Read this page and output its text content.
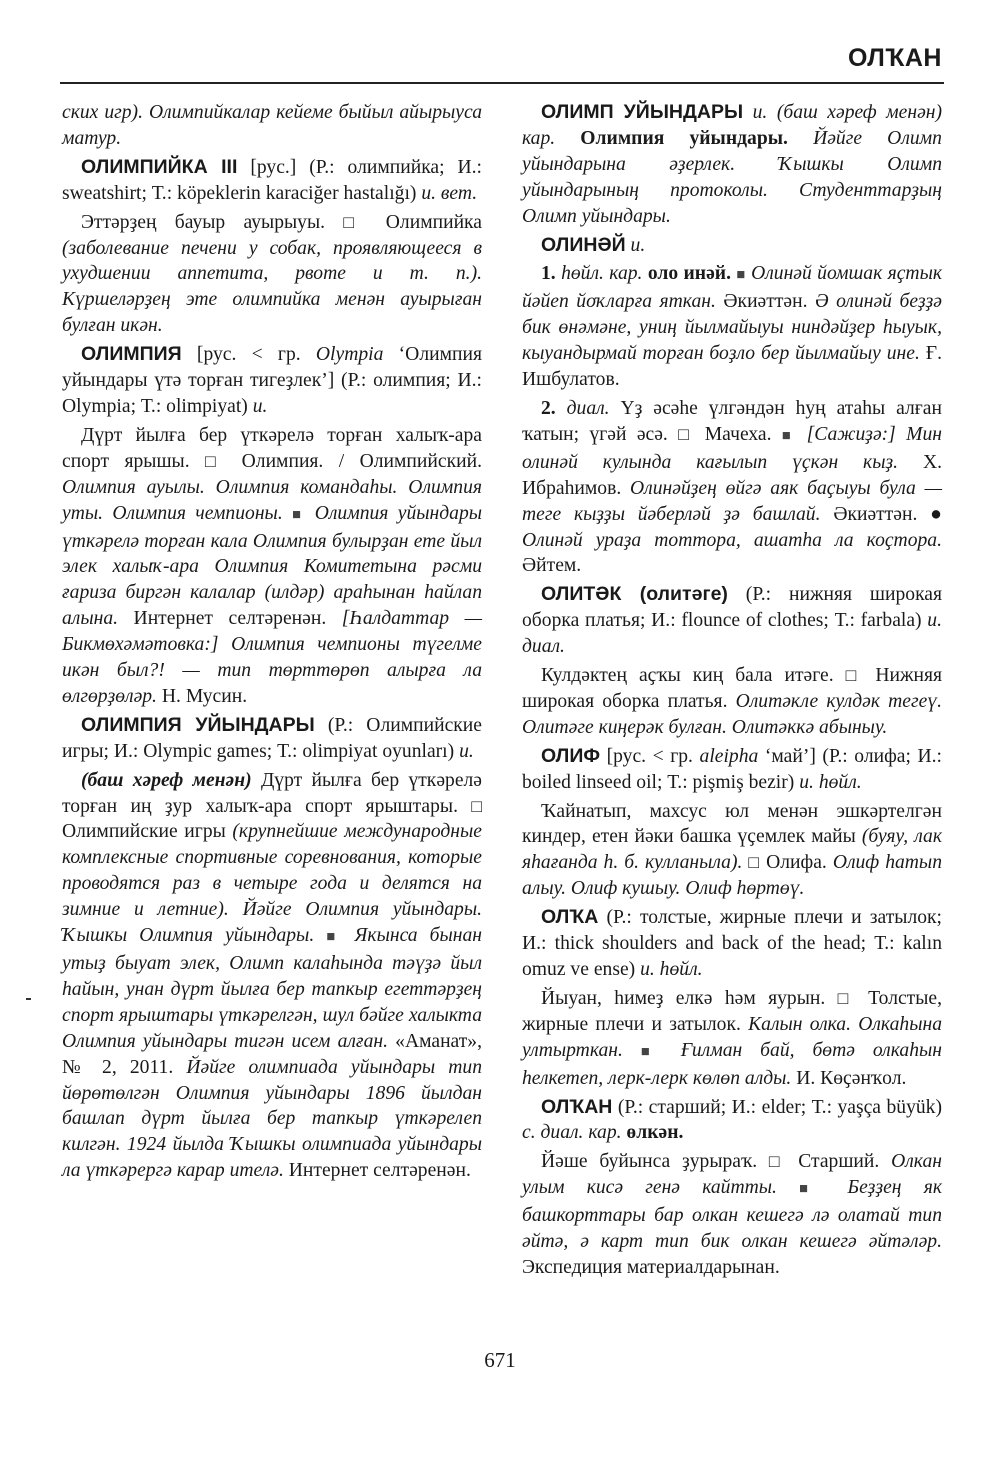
ОЛҠАН

ских игр). Олимпийкалар кейеме быйыл айырыуса матур.

ОЛИМПИЙКА III [рус.] (Р.: олимпийка; И.: sweatshirt; Т.: köpeklerin karaciğer hastalığı) и. вет.

Эттәрҙең бауыр ауырыуы. □ Олимпийка (заболевание печени у собак, проявляющееся в ухудшении аппетита, рвоте и т. п.). Күршеләрҙең эте олимпийка менән ауырыған булған икән.

ОЛИМПИЯ [рус. < гр. Olympia ‘Олимпия уйындары үтә торған тигеҙлек’] (Р.: олимпия; И.: Olympia; Т.: olimpiyat) и.

Дүрт йылға бер үткәрелә торған халыҡ-ара спорт ярышы. □ Олимпия. / Олимпийский. Олимпия ауылы. Олимпия командаһы. Олимпия уты. Олимпия чемпионы. ■ Олимпия уйындары үткәрелә торған кала Олимпия булырҙан ете йыл элек халыҡ-ара Олимпия Комитетына рәсми ғариза биргән калалар (илдәр) араһынан һайлап алына. Интернет селтәренән. [Һалдаттар — Бикмөхәмәтовка:] Олимпия чемпионы түгелме икән был?! — тип төрттөрөп алырға ла өлгөрҙөләр. Н. Мусин.

ОЛИМПИЯ УЙЫНДАРЫ (Р.: Олимпийские игры; И.: Olympic games; Т.: olimpiyat oyunları) и.

(баш хәреф менән) Дүрт йылға бер үткәрелә торған иң ҙур халыҡ-ара спорт ярыштары. □ Олимпийские игры (крупнейшие международные комплексные спортивные соревнования, которые проводятся раз в четыре года и делятся на зимние и летние). Йәйге Олимпия уйындары. Ҡышкы Олимпия уйындары. ■ Якынса бынан утыҙ быуат элек, Олимп калаһында тәүҙә йыл һайын, унан дүрт йылға бер тапкыр егеттәрҙең спорт ярыштары үткәрелгән, шул бәйге халыкта Олимпия уйындары тигән исем алған. «Аманат», № 2, 2011. Йәйге олимпиада уйындары тип йөрөтөлгән Олимпия уйындары 1896 йылдан башлап дүрт йылға бер тапкыр үткәрелеп килгән. 1924 йылда Ҡышкы олимпиада уйындары ла үткәрергә карар ителә. Интернет селтәренән.

ОЛИМП УЙЫНДАРЫ и. (баш хәреф менән) кар. Олимпия уйындары. Йәйге Олимп уйындарына әҙерлек. Ҡышкы Олимп уйындарының протоколы. Студенттарҙың Олимп уйындары.

ОЛИНӘЙ и.

1. һөйл. кар. оло инәй. ■ Олинәй йомшак яҫтык йәйеп йоҡларға яткан. Әкиәттән. Ә олинәй беҙҙә бик өнәмәне, униң йылмайыуы ниндәйҙер һыуык, кыуандырмай торған боҙло бер йылмайыу ине. Ғ. Ишбулатов.

2. диал. Үҙ әсәһе үлгәндән һуң атаһы алған ҡатын; үгәй әсә. □ Мачеха. ■ [Сажиҙә:] Мин олинәй кулында кағылып үҫкән кыҙ. Х. Ибраһимов. Олинәйҙең өйгә аяк баҫыуы була — теге кыҙҙы йәберләй ҙә башлай. Әкиәттән. ● Олинәй ураҙа тоттора, ашатһа ла коҫтора. Әйтем.

ОЛИТӘК (олитәге) (Р.: нижняя широкая оборка платья; И.: flounce of clothes; Т.: farbala) и. диал.

Кулдәктең аҫҡы киң бала итәге. □ Нижняя широкая оборка платья. Олитәкле кулдәк тегеү. Олитәге киңерәк булған. Олитәккә абыныу.

ОЛИФ [рус. < гр. aleipha ‘май’] (Р.: олифа; И.: boiled linseed oil; Т.: pişmiş bezir) и. һөйл.

Ҡайнатып, махсус юл менән эшкәртелгән киндер, етен йәки башка үҫемлек майы (буяу, лак яһағанда һ. б. кулланыла). □ Олифа. Олиф һатып алыу. Олиф кушыу. Олиф һөртөү.

ОЛҠА (Р.: толстые, жирные плечи и затылок; И.: thick shoulders and back of the head; Т.: kalın omuz ve ense) и. һөйл.

Йыуан, һимеҙ елкә һәм яурын. □ Толстые, жирные плечи и затылок. Калын олка. Олкаһына ултырткан. ■ Ғилман бай, бөтә олкаһын һелкетеп, лерк-лерк көлөп алды. И. Көҫәнҡол.

ОЛҠАН (Р.: старший; И.: elder; Т.: yaşça büyük) с. диал. кар. өлкән.

Йәше буйынса ҙурыраҡ. □ Старший. Олкан улым кисә генә кайтты. ■ Беҙҙең як башкорттары бар олкан кешегә лә олатай тип әйтә, ә карт тип бик олкан кешегә әйтәләр. Экспедиция материалдарынан.

671
